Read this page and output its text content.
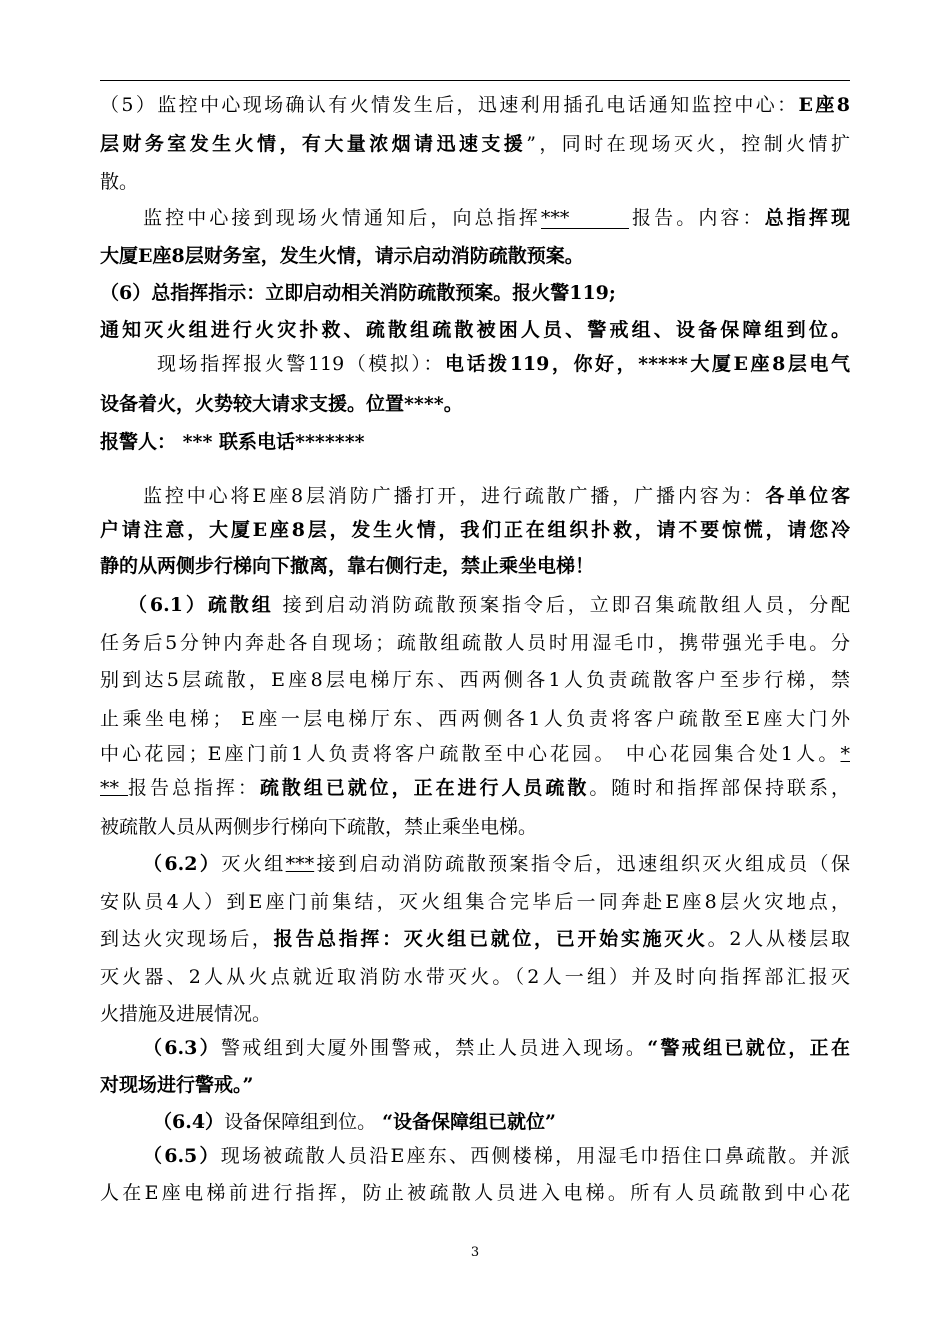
（5）监控中心现场确认有火情发生后，迅速利用插孔电话通知监控中心：E座8
层财务室发生火情，有大量浓烟请迅速支援”，同时在现场灭火，控制火情扩
散。
监控中心接到现场火情通知后，向总指挥***	报告。内容：总指挥现
大厦E座8层财务室，发生火情，请示启动消防疏散预案。
（6）总指挥指示：立即启动相关消防疏散预案。报火警119;
通知灭火组进行火灾扑救、疏散组疏散被困人员、警戒组、设备保障组到位。
现场指挥报火警119（模拟）：电话拨119，你好，*****大厦E座8层电气
设备着火，火势较大请求支援。位置****。
报警人： *** 联系电话*******
监控中心将E座8层消防广播打开，进行疏散广播，广播内容为：各单位客
户请注意，大厦E座8层，发生火情，我们正在组织扑救，请不要惊慌，请您冷
静的从两侧步行梯向下撤离，靠右侧行走，禁止乘坐电梯！
（6.1）疏散组 接到启动消防疏散预案指令后，立即召集疏散组人员，分配
任务后5分钟内奔赴各自现场；疏散组疏散人员时用湿毛巾，携带强光手电。分
别到达5层疏散，E座8层电梯厅东、西两侧各1人负责疏散客户至步行梯，禁
止乘坐电梯； E座一层电梯厅东、西两侧各1人负责将客户疏散至E座大门外
中心花园；E座门前1人负责将客户疏散至中心花园。 中心花园集合处1人。*
** 报告总指挥：疏散组已就位，正在进行人员疏散。随时和指挥部保持联系，
被疏散人员从两侧步行梯向下疏散，禁止乘坐电梯。
（6.2）灭火组***接到启动消防疏散预案指令后，迅速组织灭火组成员（保
安队员4人）到E座门前集结，灭火组集合完毕后一同奔赴E座8层火灾地点，
到达火灾现场后，报告总指挥：灭火组已就位，已开始实施灭火。2人从楼层取
灭火器、2人从火点就近取消防水带灭火。（2人一组）并及时向指挥部汇报灭
火措施及进展情况。
（6.3）警戒组到大厦外围警戒，禁止人员进入现场。“警戒组已就位，正在
对现场进行警戒。”
（6.4）设备保障组到位。 “设备保障组已就位”
（6.5）现场被疏散人员沿E座东、西侧楼梯，用湿毛巾捂住口鼻疏散。并派
人在E座电梯前进行指挥，防止被疏散人员进入电梯。所有人员疏散到中心花
3
